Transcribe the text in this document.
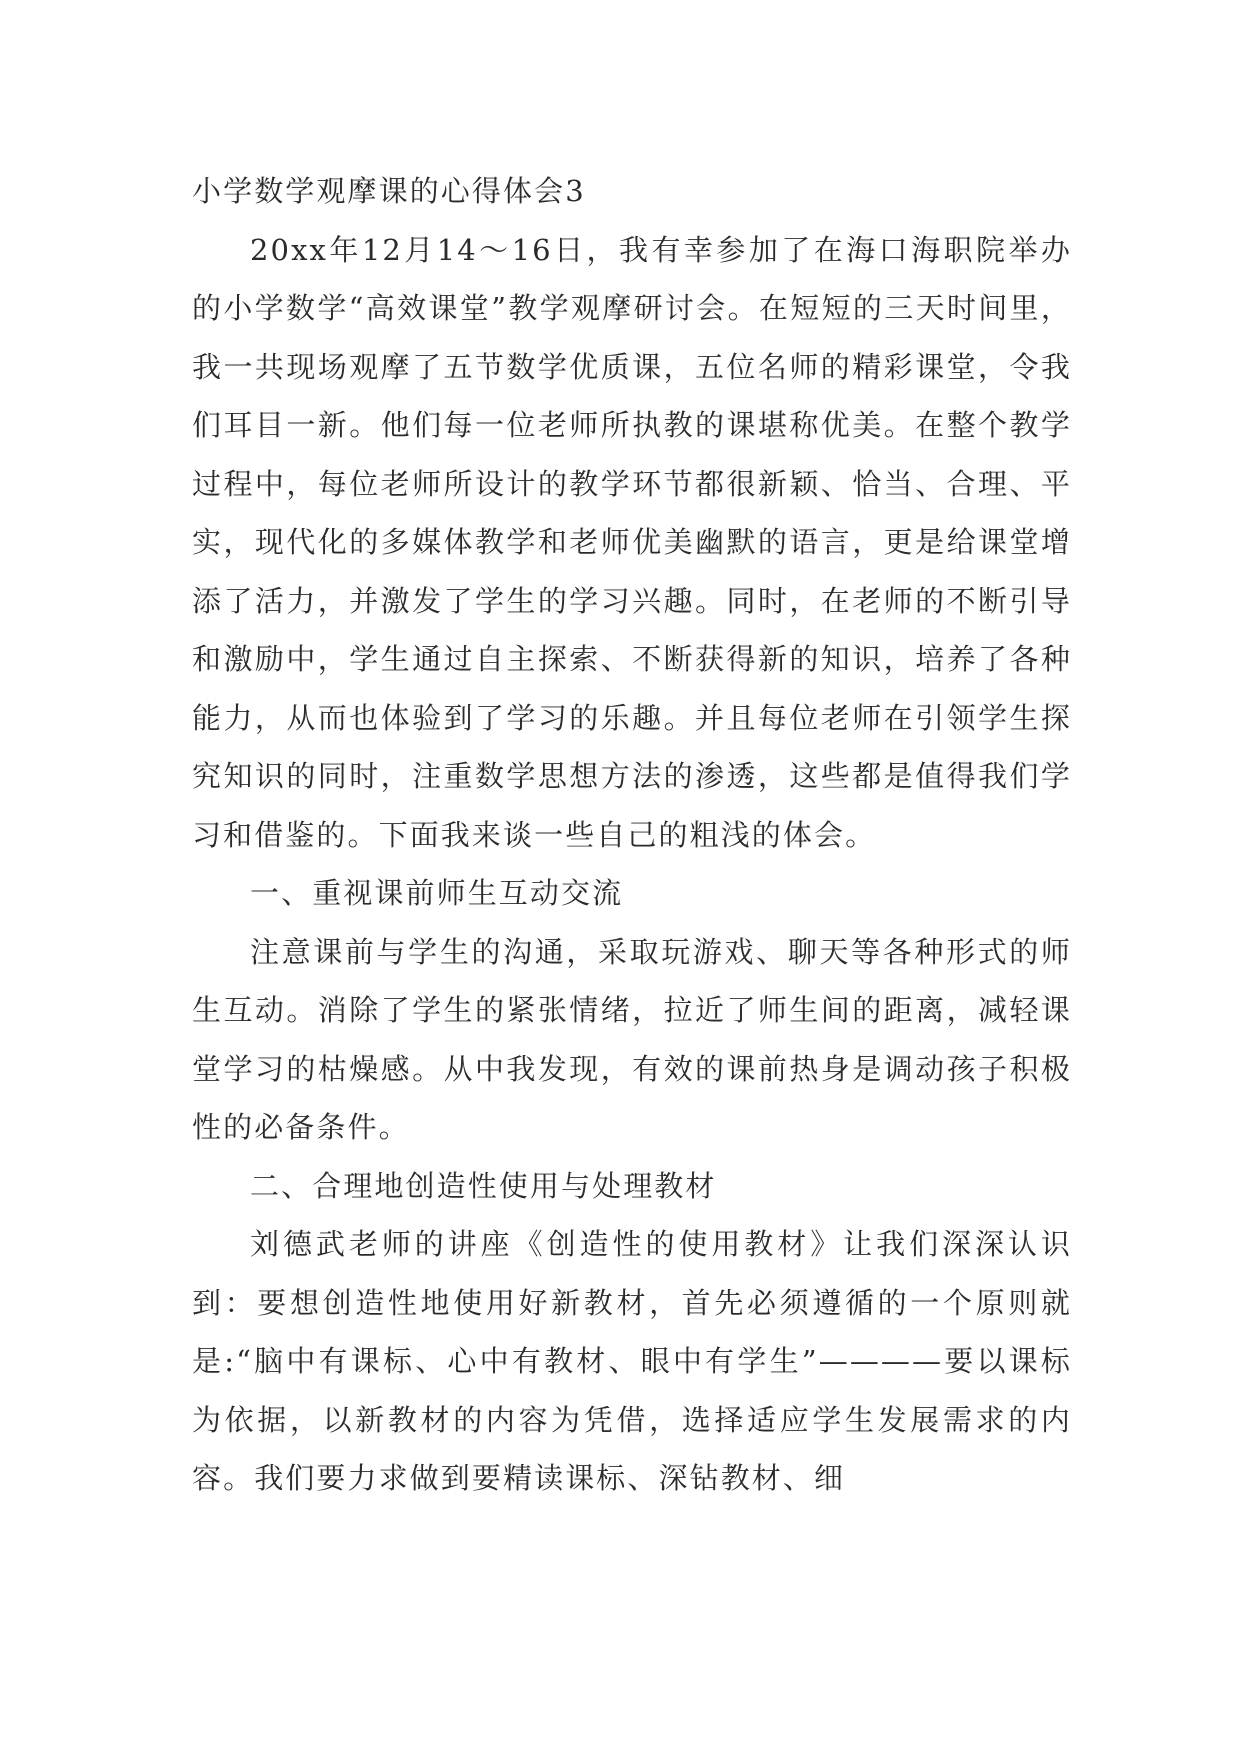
小学数学观摩课的心得体会3

20xx年12月14～16日，我有幸参加了在海口海职院举办的小学数学“高效课堂”教学观摩研讨会。在短短的三天时间里，我一共现场观摩了五节数学优质课，五位名师的精彩课堂，令我们耳目一新。他们每一位老师所执教的课堪称优美。在整个教学过程中，每位老师所设计的教学环节都很新颖、恰当、合理、平实，现代化的多媒体教学和老师优美幽默的语言，更是给课堂增添了活力，并激发了学生的学习兴趣。同时，在老师的不断引导和激励中，学生通过自主探索、不断获得新的知识，培养了各种能力，从而也体验到了学习的乐趣。并且每位老师在引领学生探究知识的同时，注重数学思想方法的渗透，这些都是值得我们学习和借鉴的。下面我来谈一些自己的粗浅的体会。

一、重视课前师生互动交流

注意课前与学生的沟通，采取玩游戏、聊天等各种形式的师生互动。消除了学生的紧张情绪，拉近了师生间的距离，减轻课堂学习的枯燥感。从中我发现，有效的课前热身是调动孩子积极性的必备条件。

二、合理地创造性使用与处理教材

刘德武老师的讲座《创造性的使用教材》让我们深深认识到：要想创造性地使用好新教材，首先必须遵循的一个原则就是:“脑中有课标、心中有教材、眼中有学生”————要以课标为依据，以新教材的内容为凭借，选择适应学生发展需求的内容。我们要力求做到要精读课标、深钻教材、细
